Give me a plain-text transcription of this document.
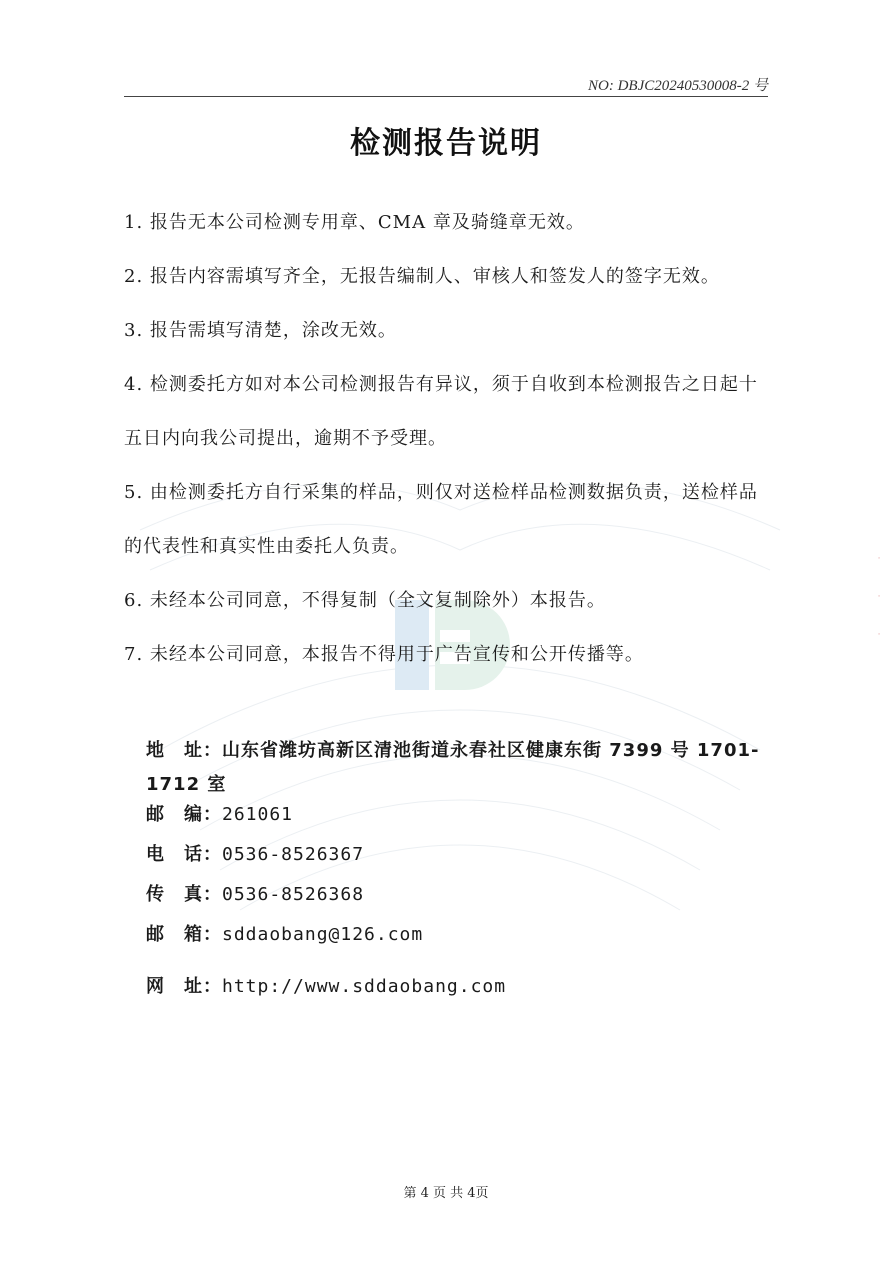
NO: DBJC20240530008-2 号
检测报告说明
1. 报告无本公司检测专用章、CMA 章及骑缝章无效。
2. 报告内容需填写齐全，无报告编制人、审核人和签发人的签字无效。
3. 报告需填写清楚，涂改无效。
4. 检测委托方如对本公司检测报告有异议，须于自收到本检测报告之日起十五日内向我公司提出，逾期不予受理。
5. 由检测委托方自行采集的样品，则仅对送检样品检测数据负责，送检样品的代表性和真实性由委托人负责。
6. 未经本公司同意，不得复制（全文复制除外）本报告。
7. 未经本公司同意，本报告不得用于广告宣传和公开传播等。
地　址：山东省潍坊高新区清池街道永春社区健康东街 7399 号 1701-1712 室
邮　编：261061
电　话：0536-8526367
传　真：0536-8526368
邮　箱：sddaobang@126.com
网　址：http://www.sddaobang.com
·
·
·
第 4 页 共 4页
